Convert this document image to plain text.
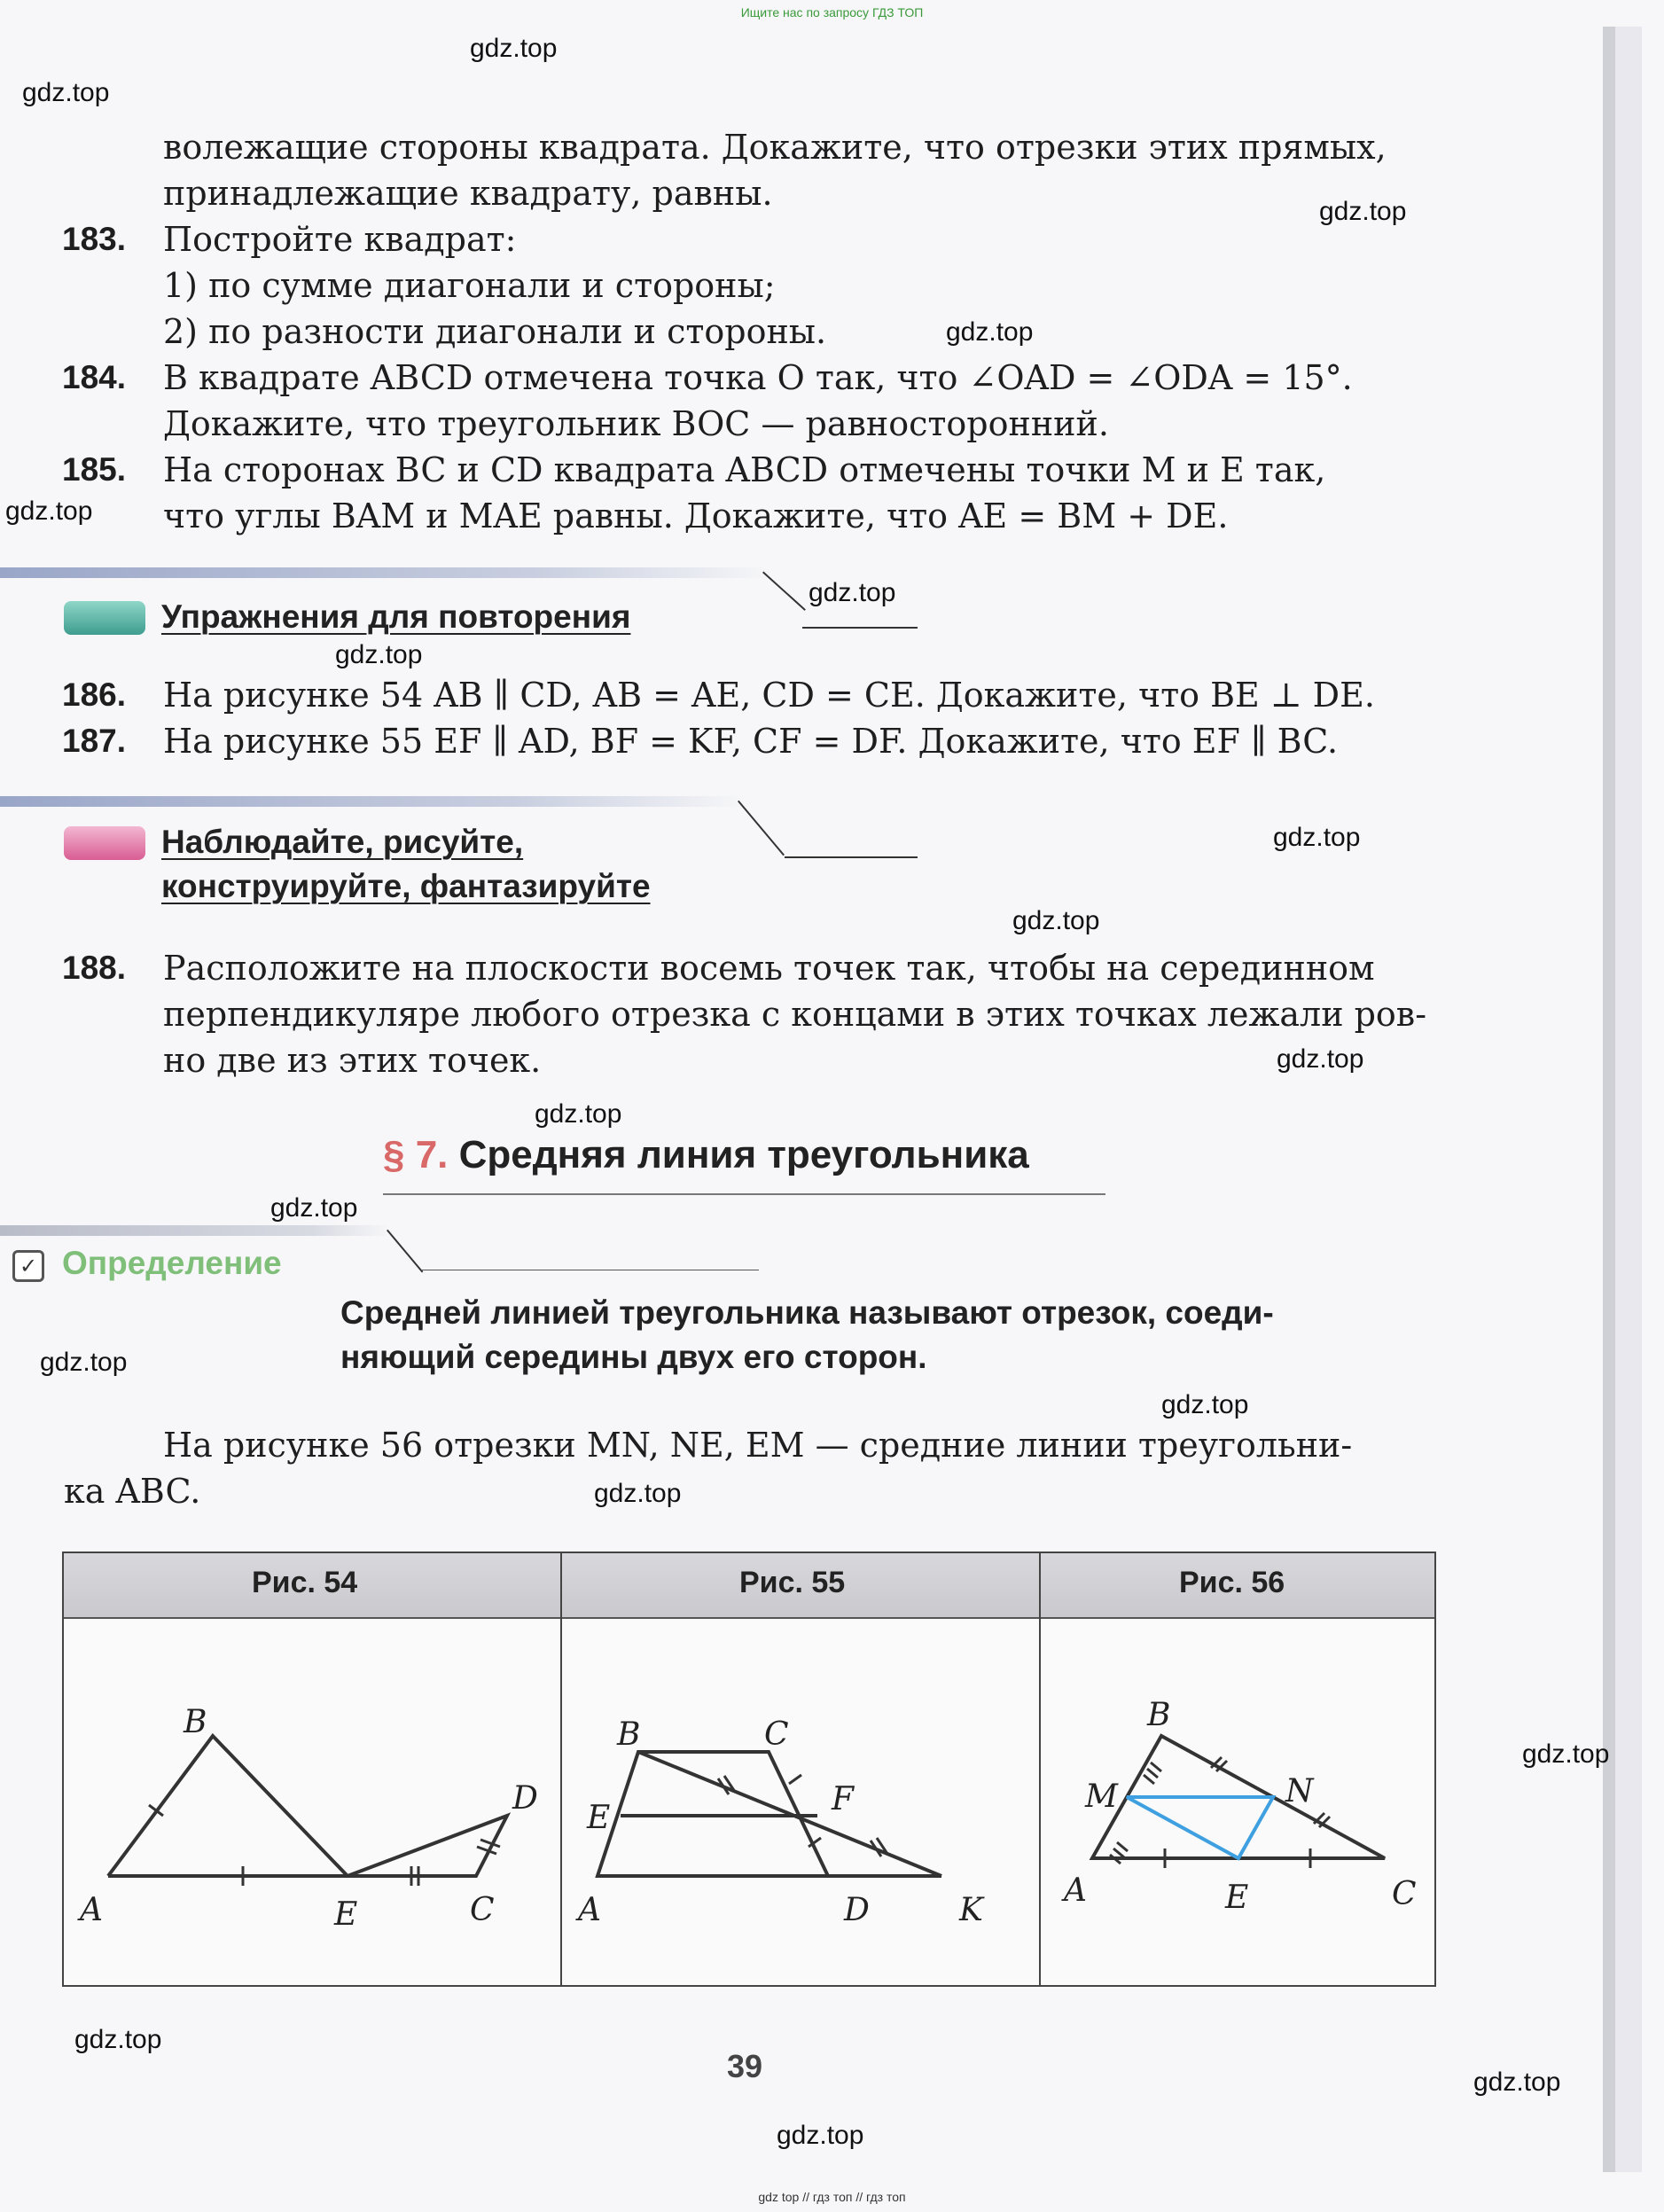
Ищите нас по запросу ГДЗ ТОП
gdz.top
gdz.top
gdz.top
gdz.top
gdz.top
gdz.top
gdz.top
gdz.top
gdz.top
gdz.top
gdz.top
gdz.top
gdz.top
gdz.top
gdz.top
gdz.top
gdz.top
gdz.top
gdz.top
волежащие стороны квадрата. Докажите, что отрезки этих прямых,
принадлежащие квадрату, равны.
183. Постройте квадрат:
1) по сумме диагонали и стороны;
2) по разности диагонали и стороны.
184. В квадрате ABCD отмечена точка O так, что ∠OAD = ∠ODA = 15°.
Докажите, что треугольник BOC — равносторонний.
185. На сторонах BC и CD квадрата ABCD отмечены точки M и E так,
что углы BAM и MAE равны. Докажите, что AE = BM + DE.
Упражнения для повторения
186. На рисунке 54 AB ∥ CD, AB = AE, CD = CE. Докажите, что BE ⊥ DE.
187. На рисунке 55 EF ∥ AD, BF = KF, CF = DF. Докажите, что EF ∥ BC.
Наблюдайте, рисуйте,
конструируйте, фантазируйте
188. Расположите на плоскости восемь точек так, чтобы на серединном
перпендикуляре любого отрезка с концами в этих точках лежали ров-
но две из этих точек.
§ 7. Средняя линия треугольника
✓ Определение
Средней линией треугольника называют отрезок, соеди-
няющий середины двух его сторон.
На рисунке 56 отрезки MN, NE, EM — средние линии треугольни-
ка ABC.
Рис. 54	Рис. 55	Рис. 56
A
B
C
D
E	A
B	C
D
E
F
K
A
B
C
E
M	N
39
gdz top // гдз топ // гдз топ
